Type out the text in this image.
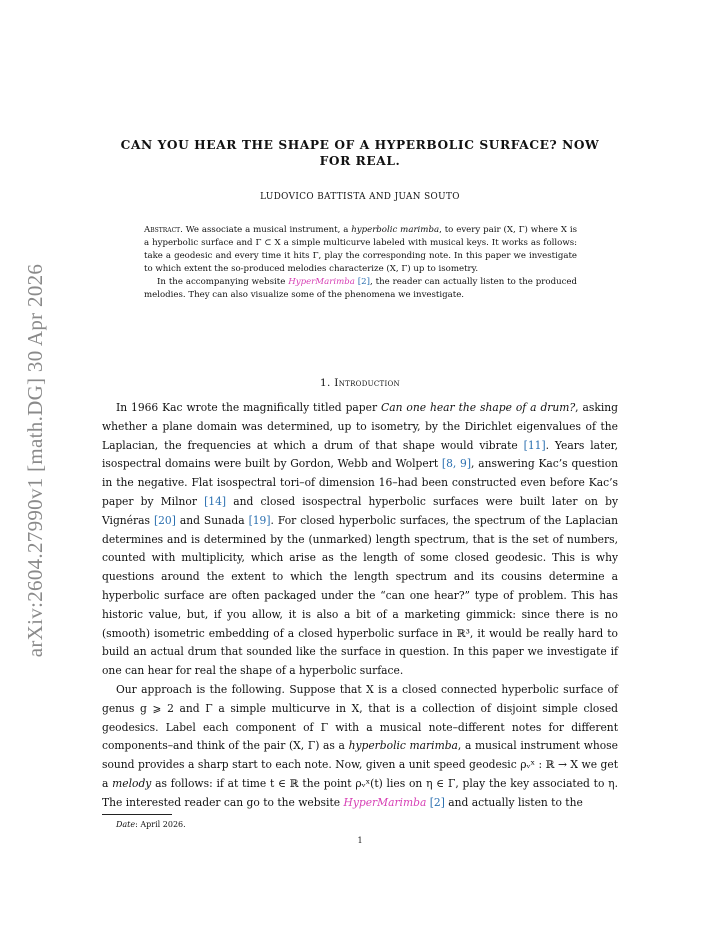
arXiv:2604.27990v1 [math.DG] 30 Apr 2026
CAN YOU HEAR THE SHAPE OF A HYPERBOLIC SURFACE? NOW
FOR REAL.
LUDOVICO BATTISTA AND JUAN SOUTO

Abstract. We associate a musical instrument, a hyperbolic marimba, to every pair (X, Γ) where X is a hyperbolic surface and Γ ⊂ X a simple multicurve labeled with musical keys. It works as follows: take a geodesic and every time it hits Γ, play the corresponding note. In this paper we investigate to which extent the so-produced melodies characterize (X, Γ) up to isometry.

In the accompanying website HyperMarimba [2], the reader can actually listen to the produced melodies. They can also visualize some of the phenomena we investigate.

1. Introduction

In 1966 Kac wrote the magnifically titled paper Can one hear the shape of a drum?, asking whether a plane domain was determined, up to isometry, by the Dirichlet eigenvalues of the Laplacian, the frequencies at which a drum of that shape would vibrate [11]. Years later, isospectral domains were built by Gordon, Webb and Wolpert [8, 9], answering Kac’s question in the negative. Flat isospectral tori–of dimension 16–had been constructed even before Kac’s paper by Milnor [14] and closed isospectral hyperbolic surfaces were built later on by Vignéras [20] and Sunada [19]. For closed hyperbolic surfaces, the spectrum of the Laplacian determines and is determined by the (unmarked) length spectrum, that is the set of numbers, counted with multiplicity, which arise as the length of some closed geodesic. This is why questions around the extent to which the length spectrum and its cousins determine a hyperbolic surface are often packaged under the “can one hear?” type of problem. This has historic value, but, if you allow, it is also a bit of a marketing gimmick: since there is no (smooth) isometric embedding of a closed hyperbolic surface in ℝ³, it would be really hard to build an actual drum that sounded like the surface in question. In this paper we investigate if one can hear for real the shape of a hyperbolic surface.

Our approach is the following. Suppose that X is a closed connected hyperbolic surface of genus g ⩾ 2 and Γ a simple multicurve in X, that is a collection of disjoint simple closed geodesics. Label each component of Γ with a musical note–different notes for different components–and think of the pair (X, Γ) as a hyperbolic marimba, a musical instrument whose sound provides a sharp start to each note. Now, given a unit speed geodesic ρᵥˣ : ℝ → X we get a melody as follows: if at time t ∈ ℝ the point ρᵥˣ(t) lies on η ∈ Γ, play the key associated to η. The interested reader can go to the website HyperMarimba [2] and actually listen to the

Date: April 2026.
1
